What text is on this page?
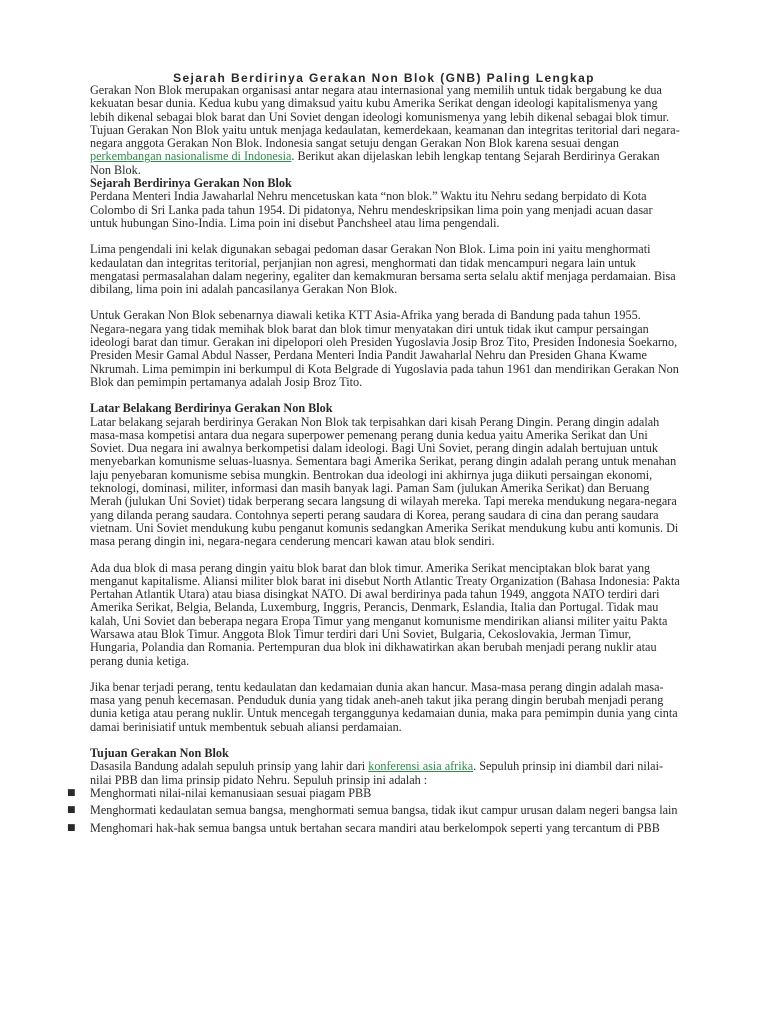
Sejarah Berdirinya Gerakan Non Blok (GNB) Paling Lengkap

Gerakan Non Blok merupakan organisasi antar negara atau internasional yang memilih untuk tidak bergabung ke dua kekuatan besar dunia. Kedua kubu yang dimaksud yaitu kubu Amerika Serikat dengan ideologi kapitalismenya yang lebih dikenal sebagai blok barat dan Uni Soviet dengan ideologi komunismenya yang lebih dikenal sebagai blok timur. Tujuan Gerakan Non Blok yaitu untuk menjaga kedaulatan, kemerdekaan, keamanan dan integritas teritorial dari negara-negara anggota Gerakan Non Blok. Indonesia sangat setuju dengan Gerakan Non Blok karena sesuai dengan perkembangan nasionalisme di Indonesia. Berikut akan dijelaskan lebih lengkap tentang Sejarah Berdirinya Gerakan Non Blok.

Sejarah Berdirinya Gerakan Non Blok

Perdana Menteri India Jawaharlal Nehru mencetuskan kata “non blok.” Waktu itu Nehru sedang berpidato di Kota Colombo di Sri Lanka pada tahun 1954. Di pidatonya, Nehru mendeskripsikan lima poin yang menjadi acuan dasar untuk hubungan Sino-India. Lima poin ini disebut Panchsheel atau lima pengendali.

Lima pengendali ini kelak digunakan sebagai pedoman dasar Gerakan Non Blok. Lima poin ini yaitu menghormati kedaulatan dan integritas teritorial, perjanjian non agresi, menghormati dan tidak mencampuri negara lain untuk mengatasi permasalahan dalam negeriny, egaliter dan kemakmuran bersama serta selalu aktif menjaga perdamaian. Bisa dibilang, lima poin ini adalah pancasilanya Gerakan Non Blok.

Untuk Gerakan Non Blok sebenarnya diawali ketika KTT Asia-Afrika yang berada di Bandung pada tahun 1955. Negara-negara yang tidak memihak blok barat dan blok timur menyatakan diri untuk tidak ikut campur persaingan ideologi barat dan timur. Gerakan ini dipelopori oleh Presiden Yugoslavia Josip Broz Tito, Presiden Indonesia Soekarno, Presiden Mesir Gamal Abdul Nasser, Perdana Menteri India Pandit Jawaharlal Nehru dan Presiden Ghana Kwame Nkrumah. Lima pemimpin ini berkumpul di Kota Belgrade di Yugoslavia pada tahun 1961 dan mendirikan Gerakan Non Blok dan pemimpin pertamanya adalah Josip Broz Tito.

Latar Belakang Berdirinya Gerakan Non Blok

Latar belakang sejarah berdirinya Gerakan Non Blok tak terpisahkan dari kisah Perang Dingin. Perang dingin adalah masa-masa kompetisi antara dua negara superpower pemenang perang dunia kedua yaitu Amerika Serikat dan Uni Soviet. Dua negara ini awalnya berkompetisi dalam ideologi. Bagi Uni Soviet, perang dingin adalah bertujuan untuk menyebarkan komunisme seluas-luasnya. Sementara bagi Amerika Serikat, perang dingin adalah perang untuk menahan laju penyebaran komunisme sebisa mungkin. Bentrokan dua ideologi ini akhirnya juga diikuti persaingan ekonomi, teknologi, dominasi, militer, informasi dan masih banyak lagi. Paman Sam (julukan Amerika Serikat) dan Beruang Merah (julukan Uni Soviet) tidak berperang secara langsung di wilayah mereka. Tapi mereka mendukung negara-negara yang dilanda perang saudara. Contohnya seperti perang saudara di Korea, perang saudara di cina dan perang saudara vietnam. Uni Soviet mendukung kubu penganut komunis sedangkan Amerika Serikat mendukung kubu anti komunis. Di masa perang dingin ini, negara-negara cenderung mencari kawan atau blok sendiri.

Ada dua blok di masa perang dingin yaitu blok barat dan blok timur. Amerika Serikat menciptakan blok barat yang menganut kapitalisme. Aliansi militer blok barat ini disebut North Atlantic Treaty Organization (Bahasa Indonesia: Pakta Pertahan Atlantik Utara) atau biasa disingkat NATO. Di awal berdirinya pada tahun 1949, anggota NATO terdiri dari Amerika Serikat, Belgia, Belanda, Luxemburg, Inggris, Perancis, Denmark, Eslandia, Italia dan Portugal. Tidak mau kalah, Uni Soviet dan beberapa negara Eropa Timur yang menganut komunisme mendirikan aliansi militer yaitu Pakta Warsawa atau Blok Timur. Anggota Blok Timur terdiri dari Uni Soviet, Bulgaria, Cekoslovakia, Jerman Timur, Hungaria, Polandia dan Romania. Pertempuran dua blok ini dikhawatirkan akan berubah menjadi perang nuklir atau perang dunia ketiga.

Jika benar terjadi perang, tentu kedaulatan dan kedamaian dunia akan hancur. Masa-masa perang dingin adalah masa-masa yang penuh kecemasan. Penduduk dunia yang tidak aneh-aneh takut jika perang dingin berubah menjadi perang dunia ketiga atau perang nuklir. Untuk mencegah terganggunya kedamaian dunia, maka para pemimpin dunia yang cinta damai berinisiatif untuk membentuk sebuah aliansi perdamaian.

Tujuan Gerakan Non Blok

Dasasila Bandung adalah sepuluh prinsip yang lahir dari konferensi asia afrika. Sepuluh prinsip ini diambil dari nilai-nilai PBB dan lima prinsip pidato Nehru. Sepuluh prinsip ini adalah :

■ Menghormati nilai-nilai kemanusiaan sesuai piagam PBB
■ Menghormati kedaulatan semua bangsa, menghormati semua bangsa, tidak ikut campur urusan dalam negeri bangsa lain
■ Menghomari hak-hak semua bangsa untuk bertahan secara mandiri atau berkelompok seperti yang tercantum di PBB
